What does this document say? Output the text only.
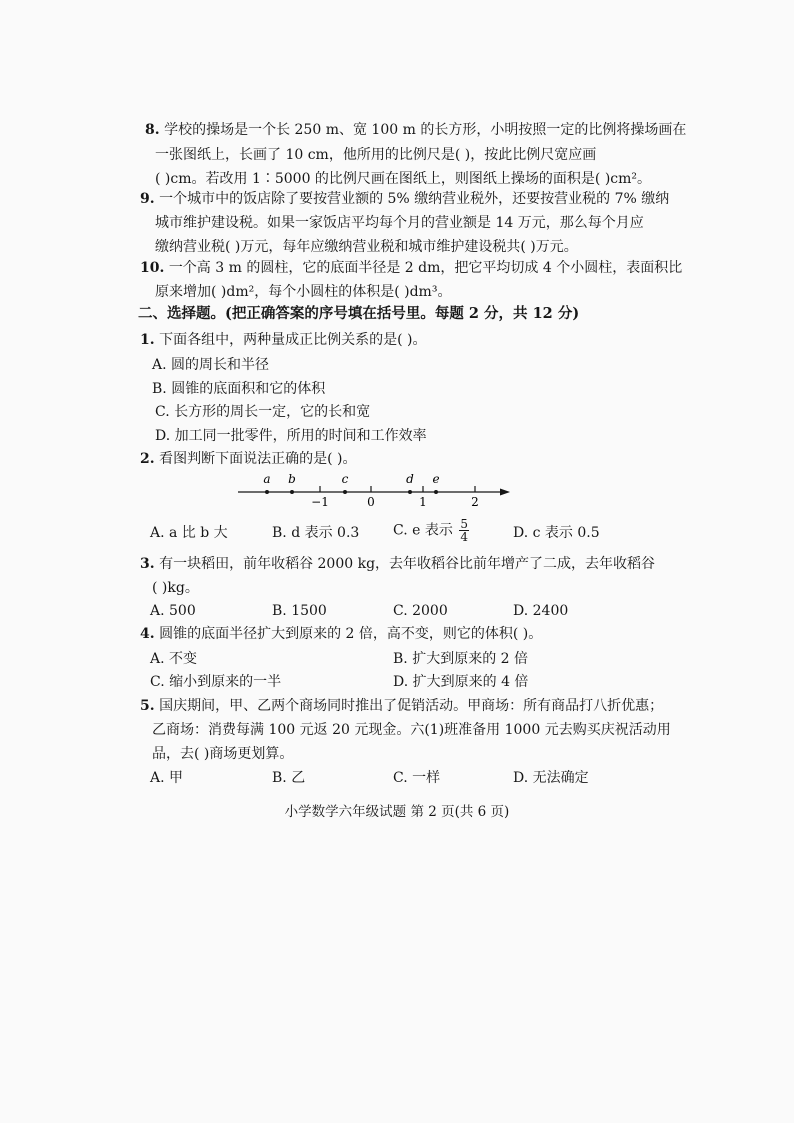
8. 学校的操场是一个长 250 m、宽 100 m 的长方形，小明按照一定的比例将操场画在
一张图纸上，长画了 10 cm，他所用的比例尺是( )，按此比例尺宽应画
( )cm。若改用 1∶5000 的比例尺画在图纸上，则图纸上操场的面积是( )cm²。
9. 一个城市中的饭店除了要按营业额的 5% 缴纳营业税外，还要按营业税的 7% 缴纳
城市维护建设税。如果一家饭店平均每个月的营业额是 14 万元，那么每个月应
缴纳营业税( )万元，每年应缴纳营业税和城市维护建设税共( )万元。
10. 一个高 3 m 的圆柱，它的底面半径是 2 dm，把它平均切成 4 个小圆柱，表面积比
原来增加( )dm²，每个小圆柱的体积是( )dm³。
二、选择题。(把正确答案的序号填在括号里。每题 2 分，共 12 分)
1. 下面各组中，两种量成正比例关系的是( )。
A. 圆的周长和半径
B. 圆锥的底面积和它的体积
C. 长方形的周长一定，它的长和宽
D. 加工同一批零件，所用的时间和工作效率
2. 看图判断下面说法正确的是( )。
−1	0	1	2
a b	c	d e
A. a 比 b 大	B. d 表示 0.3 C. e 表示 $\frac{5}{4}$	D. c 表示 0.5
3. 有一块稻田，前年收稻谷 2000 kg，去年收稻谷比前年增产了二成，去年收稻谷
( )kg。
A. 500	B. 1500	C. 2000	D. 2400
4. 圆锥的底面半径扩大到原来的 2 倍，高不变，则它的体积( )。
A. 不变	B. 扩大到原来的 2 倍
C. 缩小到原来的一半	D. 扩大到原来的 4 倍
5. 国庆期间，甲、乙两个商场同时推出了促销活动。甲商场：所有商品打八折优惠；
乙商场：消费每满 100 元返 20 元现金。六(1)班准备用 1000 元去购买庆祝活动用
品，去( )商场更划算。
A. 甲	B. 乙	C. 一样	D. 无法确定
小学数学六年级试题 第 2 页(共 6 页)
